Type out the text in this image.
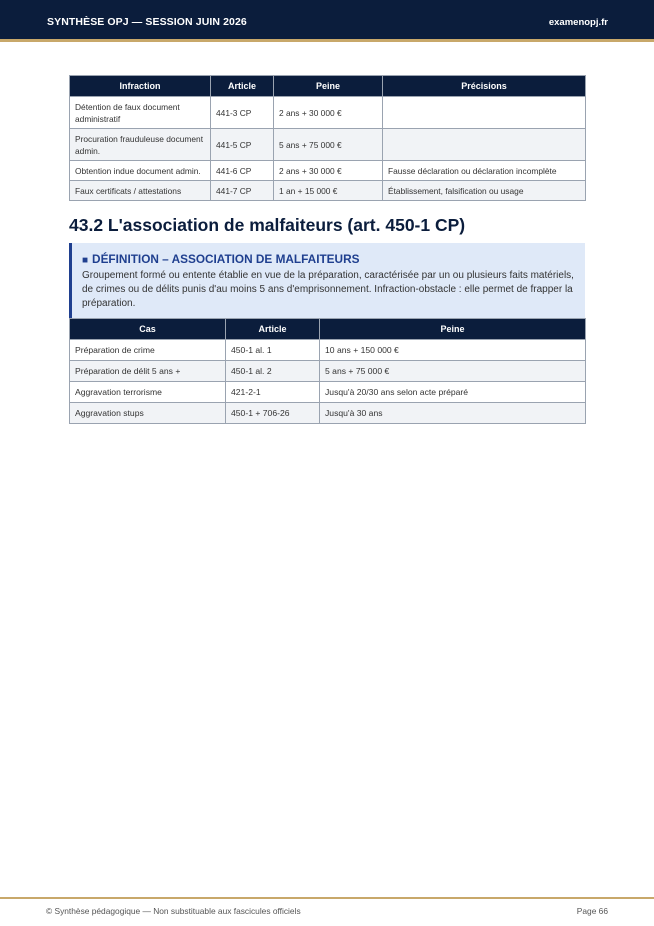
SYNTHÈSE OPJ — SESSION JUIN 2026	examenopj.fr
Infraction	Article	Peine	Précisions
Détention de faux document administratif	441-3 CP	2 ans + 30 000 €	
Procuration frauduleuse document admin.	441-5 CP	5 ans + 75 000 €	
Obtention indue document admin.	441-6 CP	2 ans + 30 000 €	Fausse déclaration ou déclaration incomplète
Faux certificats / attestations	441-7 CP	1 an + 15 000 €	Établissement, falsification ou usage
43.2 L'association de malfaiteurs (art. 450-1 CP)
■ DÉFINITION – ASSOCIATION DE MALFAITEURS

Groupement formé ou entente établie en vue de la préparation, caractérisée par un ou plusieurs faits matériels, de crimes ou de délits punis d'au moins 5 ans d'emprisonnement. Infraction-obstacle : elle permet de frapper la préparation.

Cas	Article	Peine
Préparation de crime	450-1 al. 1	10 ans + 150 000 €
Préparation de délit 5 ans +	450-1 al. 2	5 ans + 75 000 €
Aggravation terrorisme	421-2-1	Jusqu'à 20/30 ans selon acte préparé
Aggravation stups	450-1 + 706-26	Jusqu'à 30 ans
© Synthèse pédagogique — Non substituable aux fascicules officiels	Page 66
